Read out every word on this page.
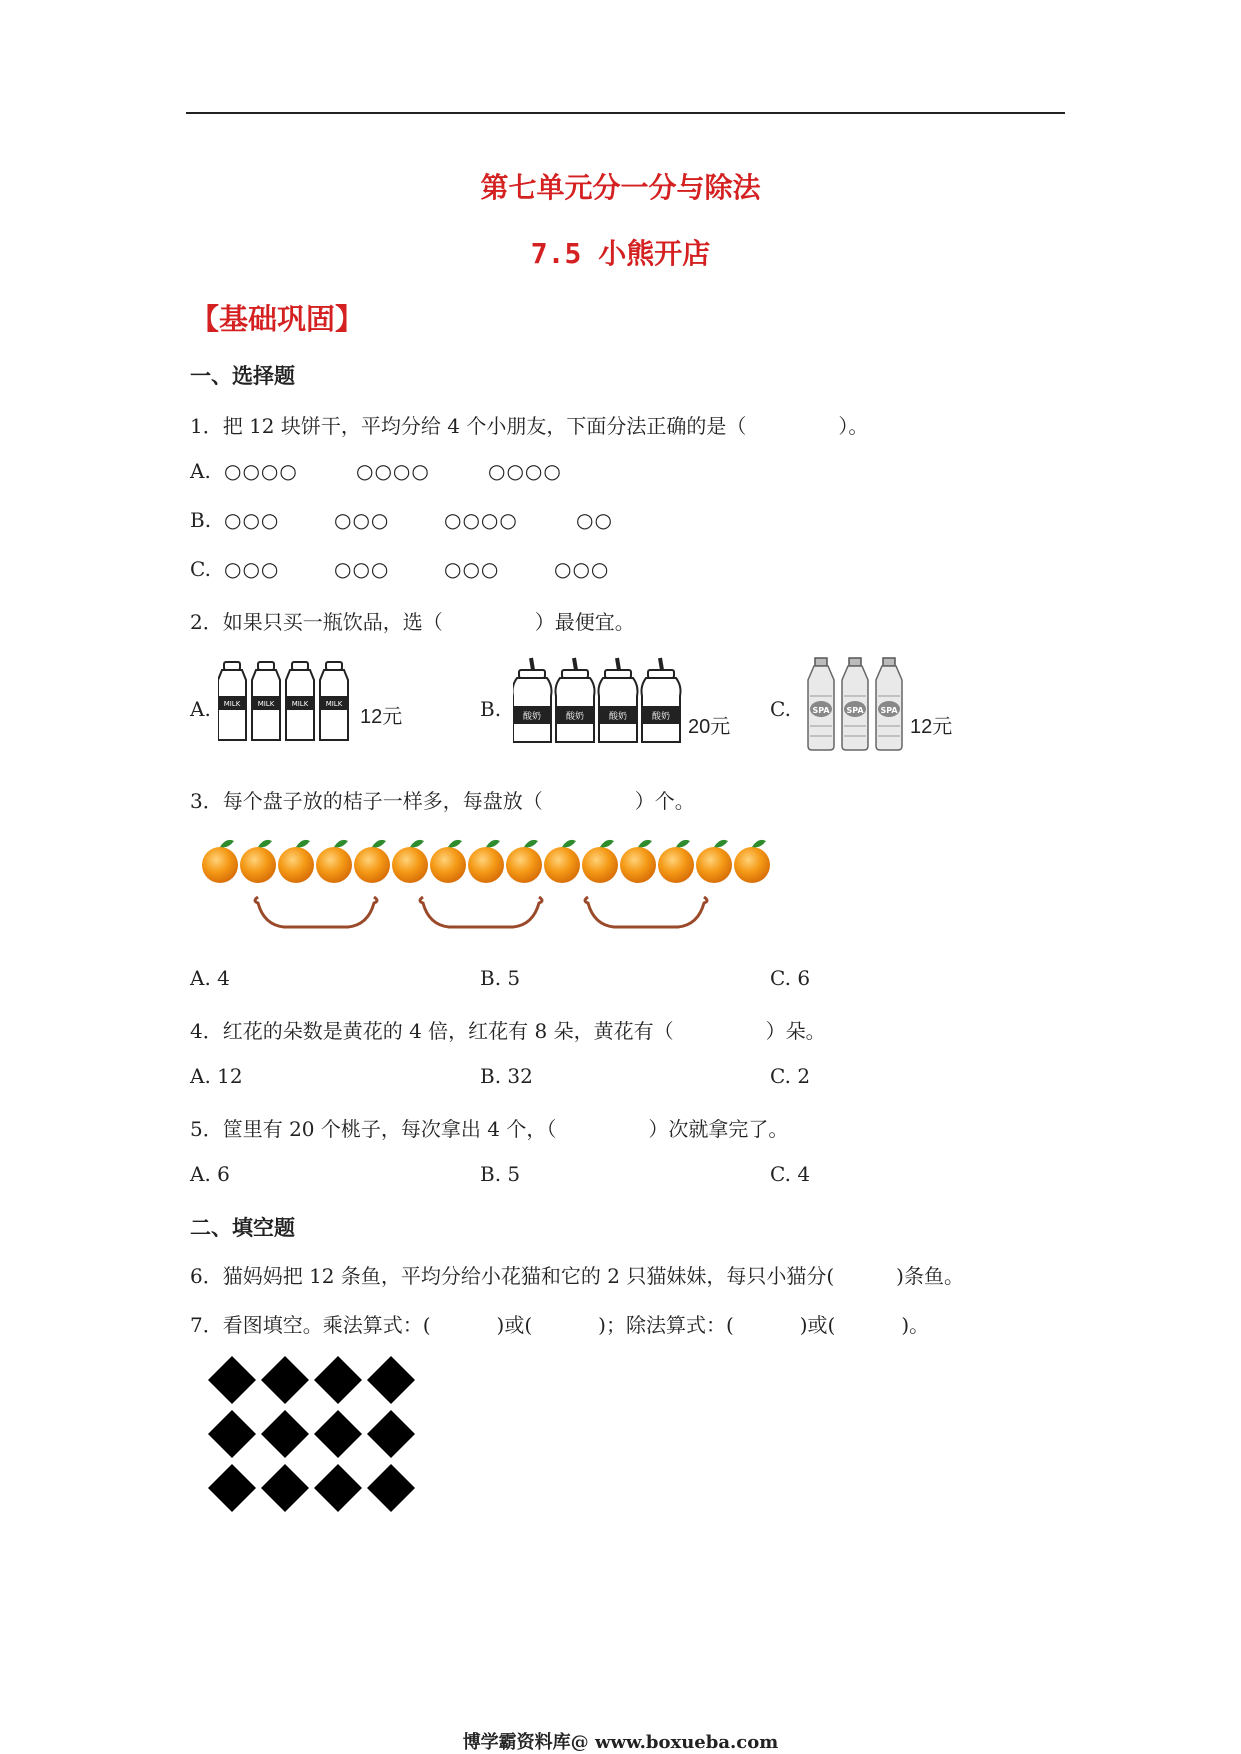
第七单元分一分与除法
7.5 小熊开店
【基础巩固】
一、选择题
1．把 12 块饼干，平均分给 4 个小朋友，下面分法正确的是（	）。
A. ○○○○	○○○○	○○○○
B. ○○○	○○○	○○○○	○○
C. ○○○	○○○	○○○	○○○
2．如果只买一瓶饮品，选（	）最便宜。
A. MILK
12元	B. 酸奶	20元
C.	SPA
12元
3．每个盘子放的桔子一样多，每盘放（	）个。
A. 4	B. 5	C. 6
4．红花的朵数是黄花的 4 倍，红花有 8 朵，黄花有（	）朵。
A. 12	B. 32	C. 2
5．筐里有 20 个桃子，每次拿出 4 个，（	）次就拿完了。
A. 6	B. 5	C. 4
二、填空题
6．猫妈妈把 12 条鱼，平均分给小花猫和它的 2 只猫妹妹，每只小猫分(	)条鱼。
7．看图填空。乘法算式：(	)或(	)；除法算式：(	)或(	)。
博学霸资料库@ www.boxueba.com
